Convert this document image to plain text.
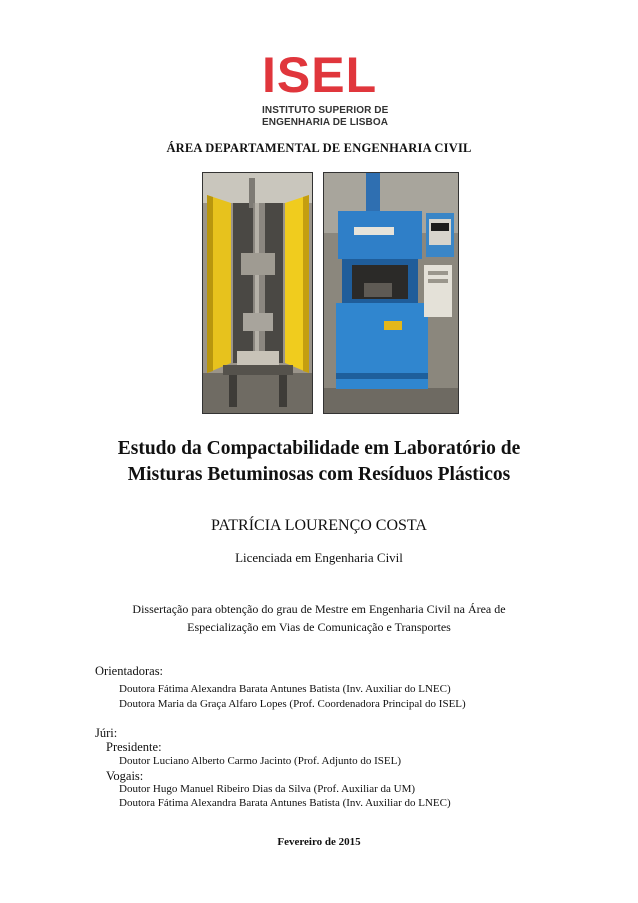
ISEL
INSTITUTO SUPERIOR DE
ENGENHARIA DE LISBOA
ÁREA DEPARTAMENTAL DE ENGENHARIA CIVIL
Estudo da Compactabilidade em Laboratório de
Misturas Betuminosas com Resíduos Plásticos
PATRÍCIA LOURENÇO COSTA
Licenciada em Engenharia Civil
Dissertação para obtenção do grau de Mestre em Engenharia Civil na Área de
Especialização em Vias de Comunicação e Transportes
Orientadoras:
Doutora Fátima Alexandra Barata Antunes Batista (Inv. Auxiliar do LNEC)
Doutora Maria da Graça Alfaro Lopes (Prof. Coordenadora Principal do ISEL)
Júri:
Presidente:
Doutor Luciano Alberto Carmo Jacinto (Prof. Adjunto do ISEL)
Vogais:
Doutor Hugo Manuel Ribeiro Dias da Silva (Prof. Auxiliar da UM)
Doutora Fátima Alexandra Barata Antunes Batista (Inv. Auxiliar do LNEC)
Fevereiro de 2015
